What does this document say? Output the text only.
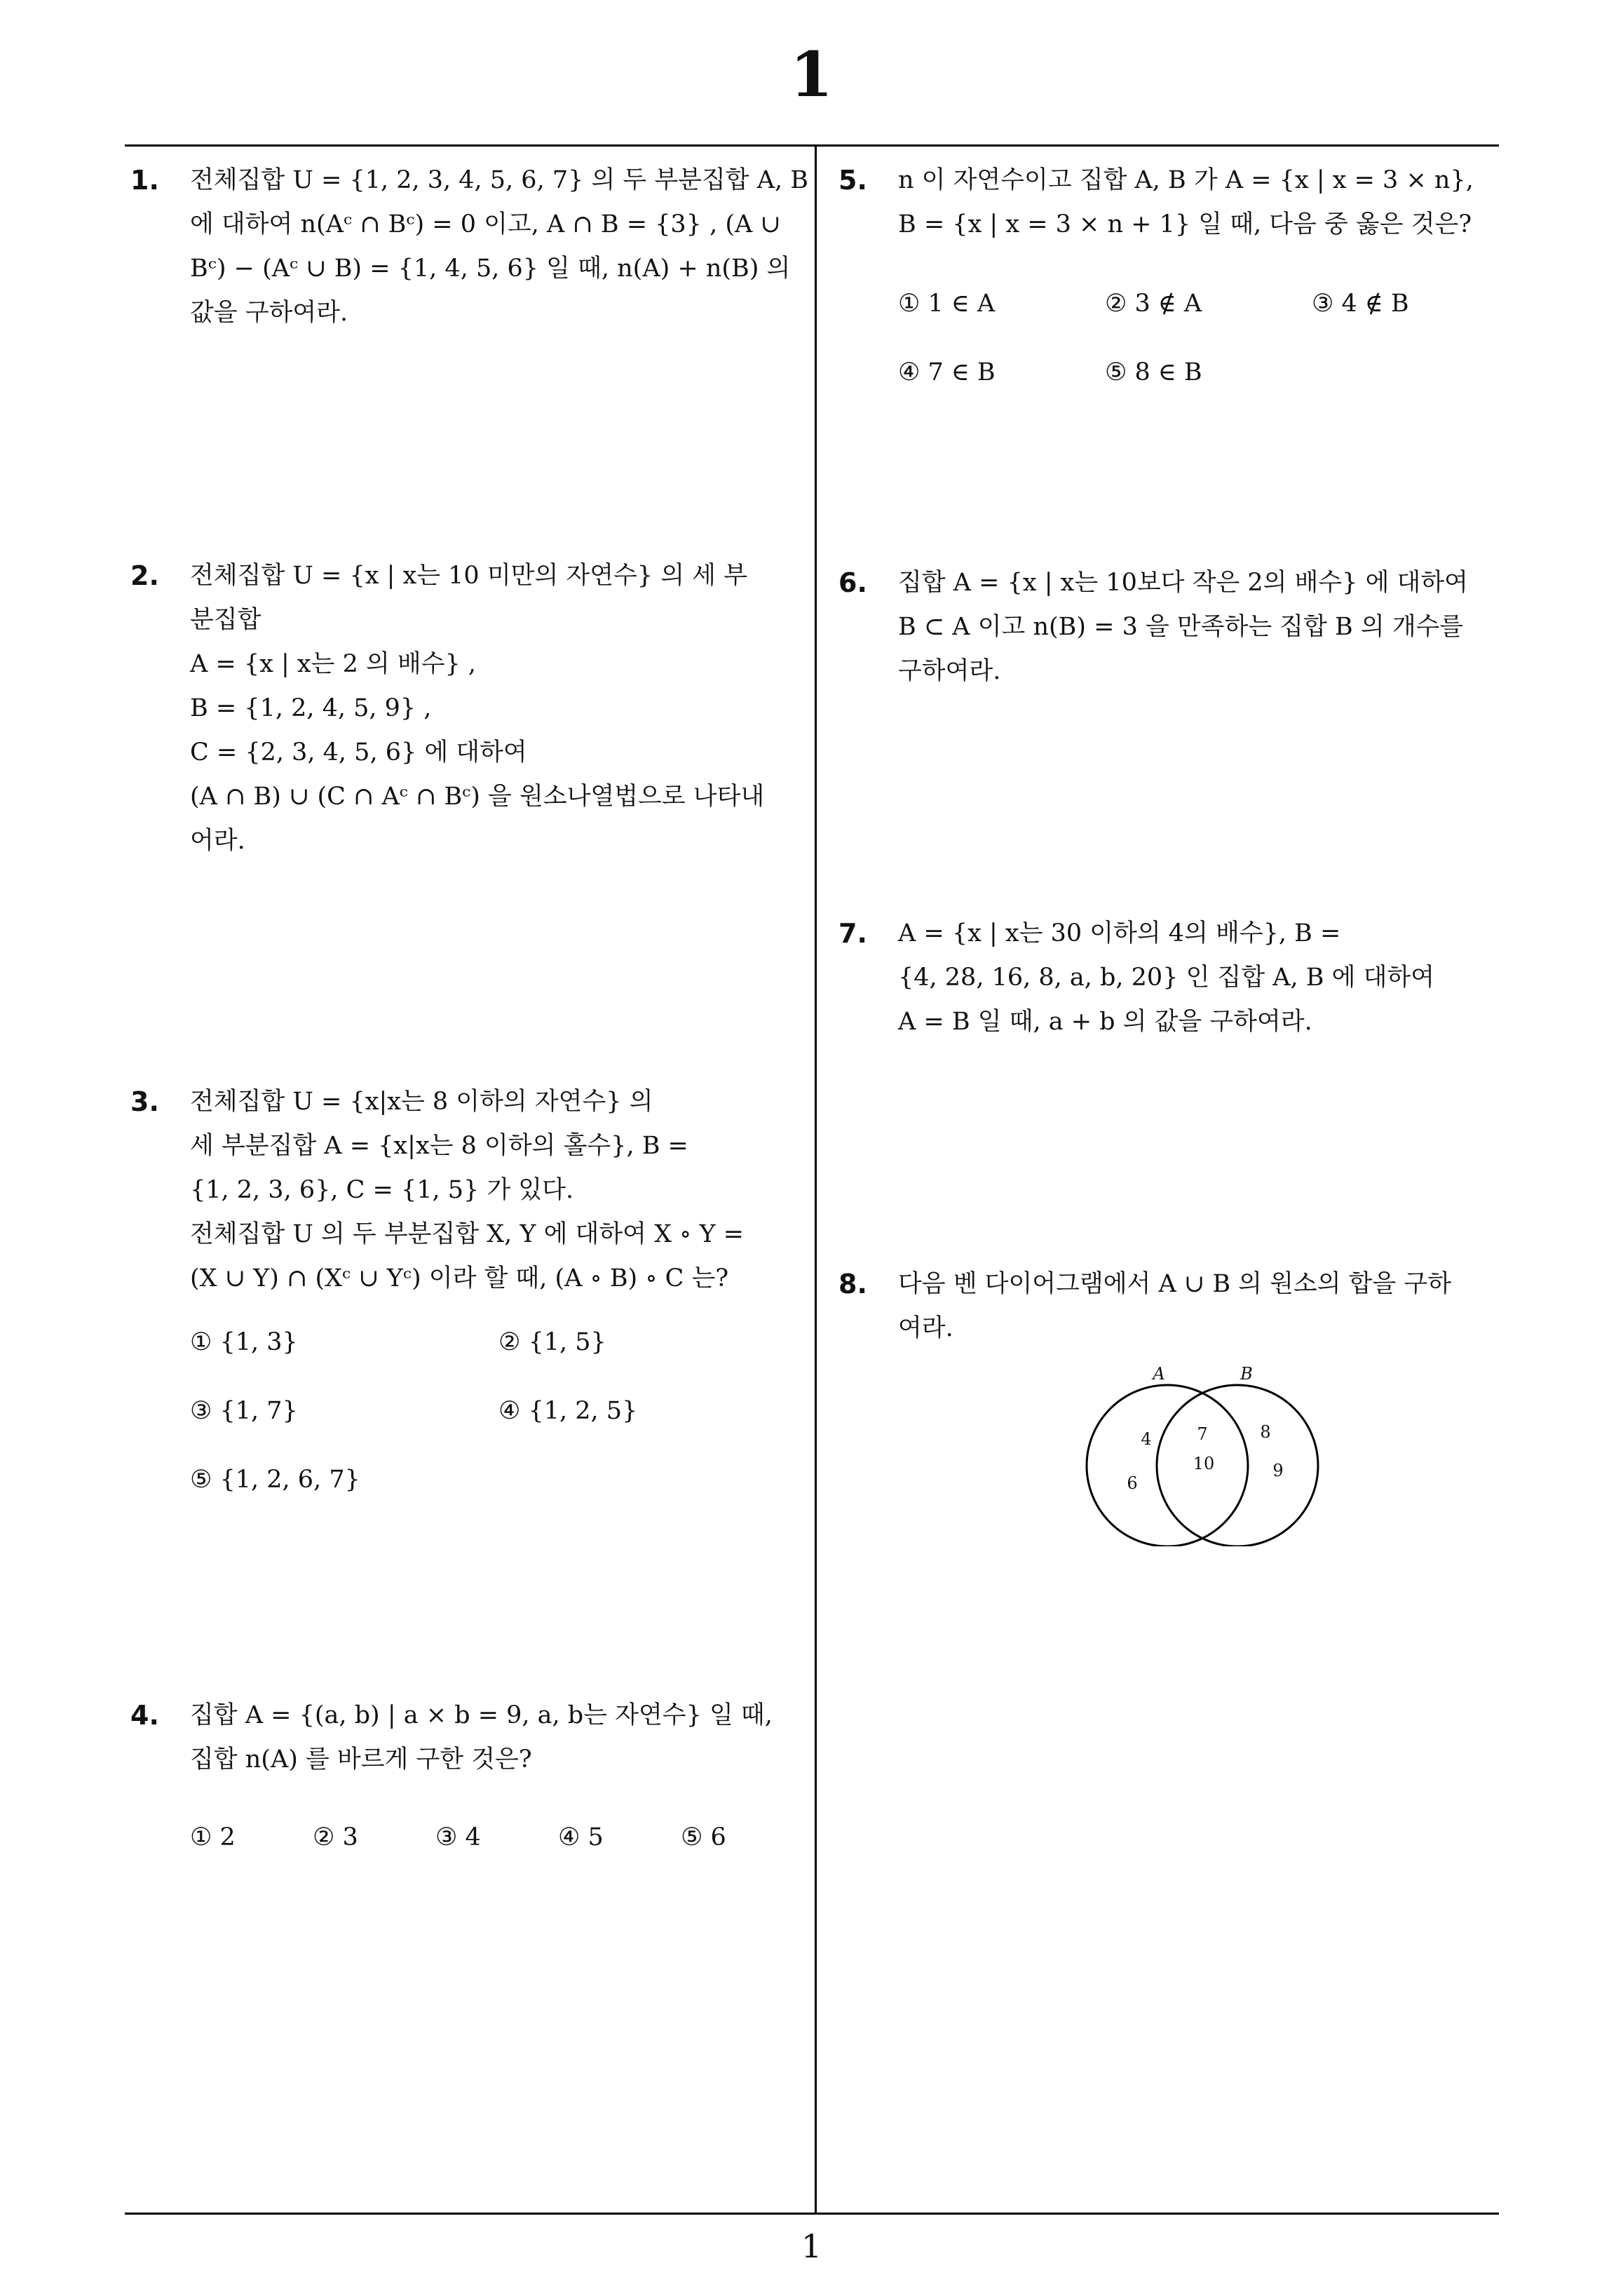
1
1
1. 전체집합 U = {1, 2, 3, 4, 5, 6, 7} 의 두 부분집합 A, B
에 대하여 n(Aᶜ ∩ Bᶜ) = 0 이고, A ∩ B = {3} , (A ∪
Bᶜ) − (Aᶜ ∪ B) = {1, 4, 5, 6} 일 때, n(A) + n(B) 의
값을 구하여라.
2. 전체집합 U = {x | x는 10 미만의 자연수} 의 세 부
분집합
A = {x | x는 2 의 배수} ,
B = {1, 2, 4, 5, 9} ,
C = {2, 3, 4, 5, 6} 에 대하여
(A ∩ B) ∪ (C ∩ Aᶜ ∩ Bᶜ) 을 원소나열법으로 나타내
어라.
3. 전체집합 U = {x|x는 8 이하의 자연수} 의
세 부분집합 A = {x|x는 8 이하의 홀수}, B =
{1, 2, 3, 6}, C = {1, 5} 가 있다.
전체집합 U 의 두 부분집합 X, Y 에 대하여 X ∘ Y =
(X ∪ Y) ∩ (Xᶜ ∪ Yᶜ) 이라 할 때, (A ∘ B) ∘ C 는?
① {1, 3}	② {1, 5}
③ {1, 7}	④ {1, 2, 5}
⑤ {1, 2, 6, 7}
4. 집합 A = {(a, b) | a × b = 9, a, b는 자연수} 일 때,
집합 n(A) 를 바르게 구한 것은?
① 2	② 3	③ 4	④ 5	⑤ 6
5. n 이 자연수이고 집합 A, B 가 A = {x | x = 3 × n},
B = {x | x = 3 × n + 1} 일 때, 다음 중 옳은 것은?
① 1 ∈ A	② 3 ∉ A	③ 4 ∉ B
④ 7 ∈ B	⑤ 8 ∈ B
6. 집합 A = {x | x는 10보다 작은 2의 배수} 에 대하여
B ⊂ A 이고 n(B) = 3 을 만족하는 집합 B 의 개수를
구하여라.
7. A = {x | x는 30 이하의 4의 배수}, B =
{4, 28, 16, 8, a, b, 20} 인 집합 A, B 에 대하여
A = B 일 때, a + b 의 값을 구하여라.
8. 다음 벤 다이어그램에서 A ∪ B 의 원소의 합을 구하
여라.
A	B
4
6
7
10
8
9
